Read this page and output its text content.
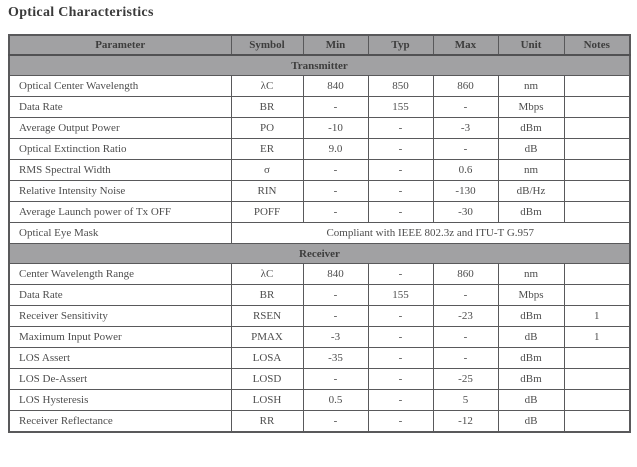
Optical Characteristics
Parameter	Symbol	Min	Typ	Max	Unit	Notes
Transmitter						
Optical Center Wavelength	λC	840	850	860	nm	
Data Rate	BR	-	155	-	Mbps	
Average Output Power	PO	-10	-	-3	dBm	
Optical Extinction Ratio	ER	9.0	-	-	dB	
RMS Spectral Width	σ	-	-	0.6	nm	
Relative Intensity Noise	RIN	-	-	-130	dB/Hz	
Average Launch power of Tx OFF	POFF	-	-	-30	dBm	
Optical Eye Mask	Compliant with IEEE 802.3z and ITU-T G.957					
Receiver						
Center Wavelength Range	λC	840	-	860	nm	
Data Rate	BR	-	155	-	Mbps	
Receiver Sensitivity	RSEN	-	-	-23	dBm	1
Maximum Input Power	PMAX	-3	-	-	dB	1
LOS Assert	LOSA	-35	-	-	dBm	
LOS De-Assert	LOSD	-	-	-25	dBm	
LOS Hysteresis	LOSH	0.5	-	5	dB	
Receiver Reflectance	RR	-	-	-12	dB	
